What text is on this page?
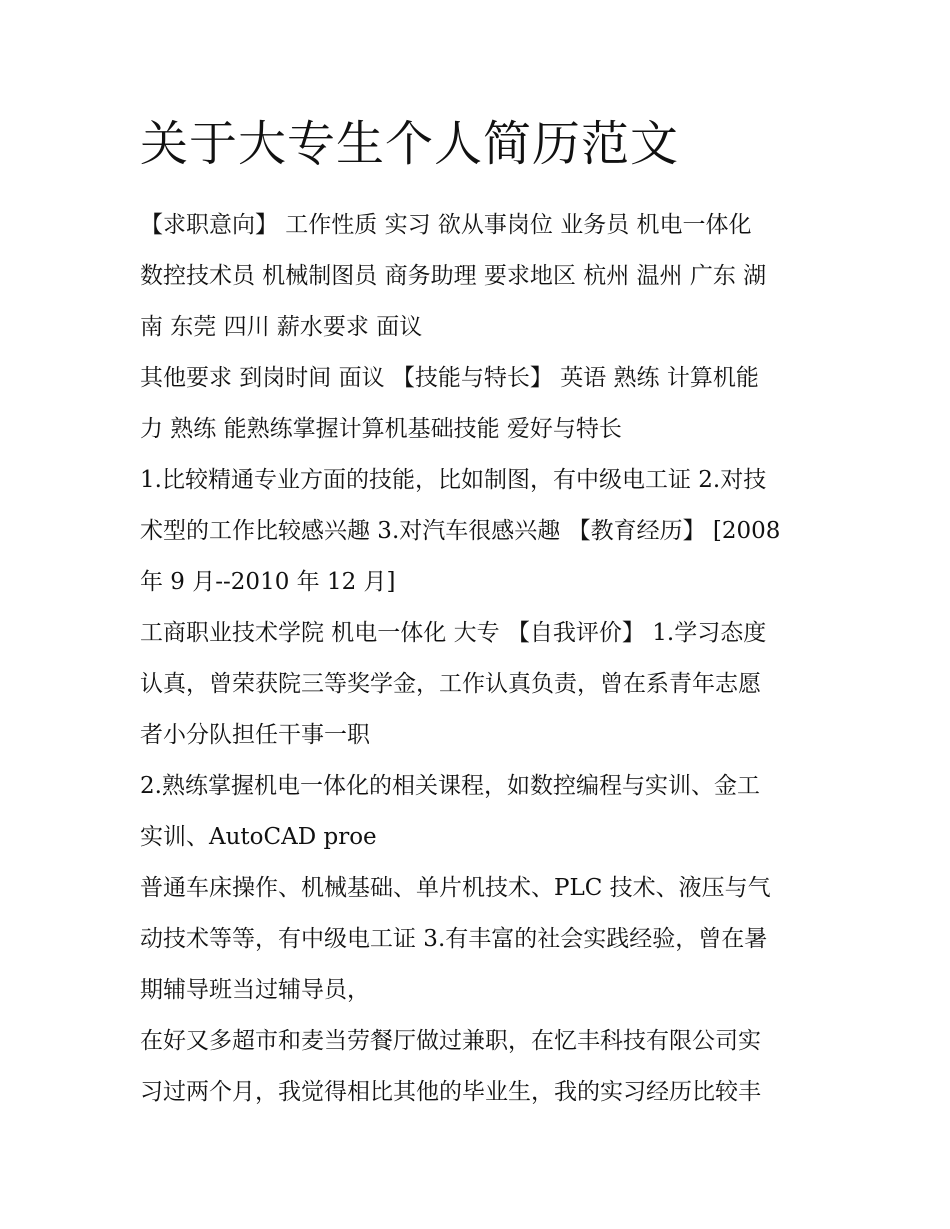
关于大专生个人简历范文

【求职意向】 工作性质 实习 欲从事岗位 业务员 机电一体化
数控技术员 机械制图员 商务助理 要求地区 杭州 温州 广东 湖
南 东莞 四川 薪水要求 面议

其他要求 到岗时间 面议 【技能与特长】 英语 熟练 计算机能
力 熟练 能熟练掌握计算机基础技能 爱好与特长

1.比较精通专业方面的技能，比如制图，有中级电工证 2.对技
术型的工作比较感兴趣 3.对汽车很感兴趣 【教育经历】 [2008
年 9 月--2010 年 12 月]

工商职业技术学院 机电一体化 大专 【自我评价】 1.学习态度
认真，曾荣获院三等奖学金，工作认真负责，曾在系青年志愿
者小分队担任干事一职

2.熟练掌握机电一体化的相关课程，如数控编程与实训、金工
实训、AutoCAD proe

普通车床操作、机械基础、单片机技术、PLC 技术、液压与气
动技术等等，有中级电工证 3.有丰富的社会实践经验，曾在暑
期辅导班当过辅导员，

在好又多超市和麦当劳餐厅做过兼职，在忆丰科技有限公司实
习过两个月，我觉得相比其他的毕业生，我的实习经历比较丰
